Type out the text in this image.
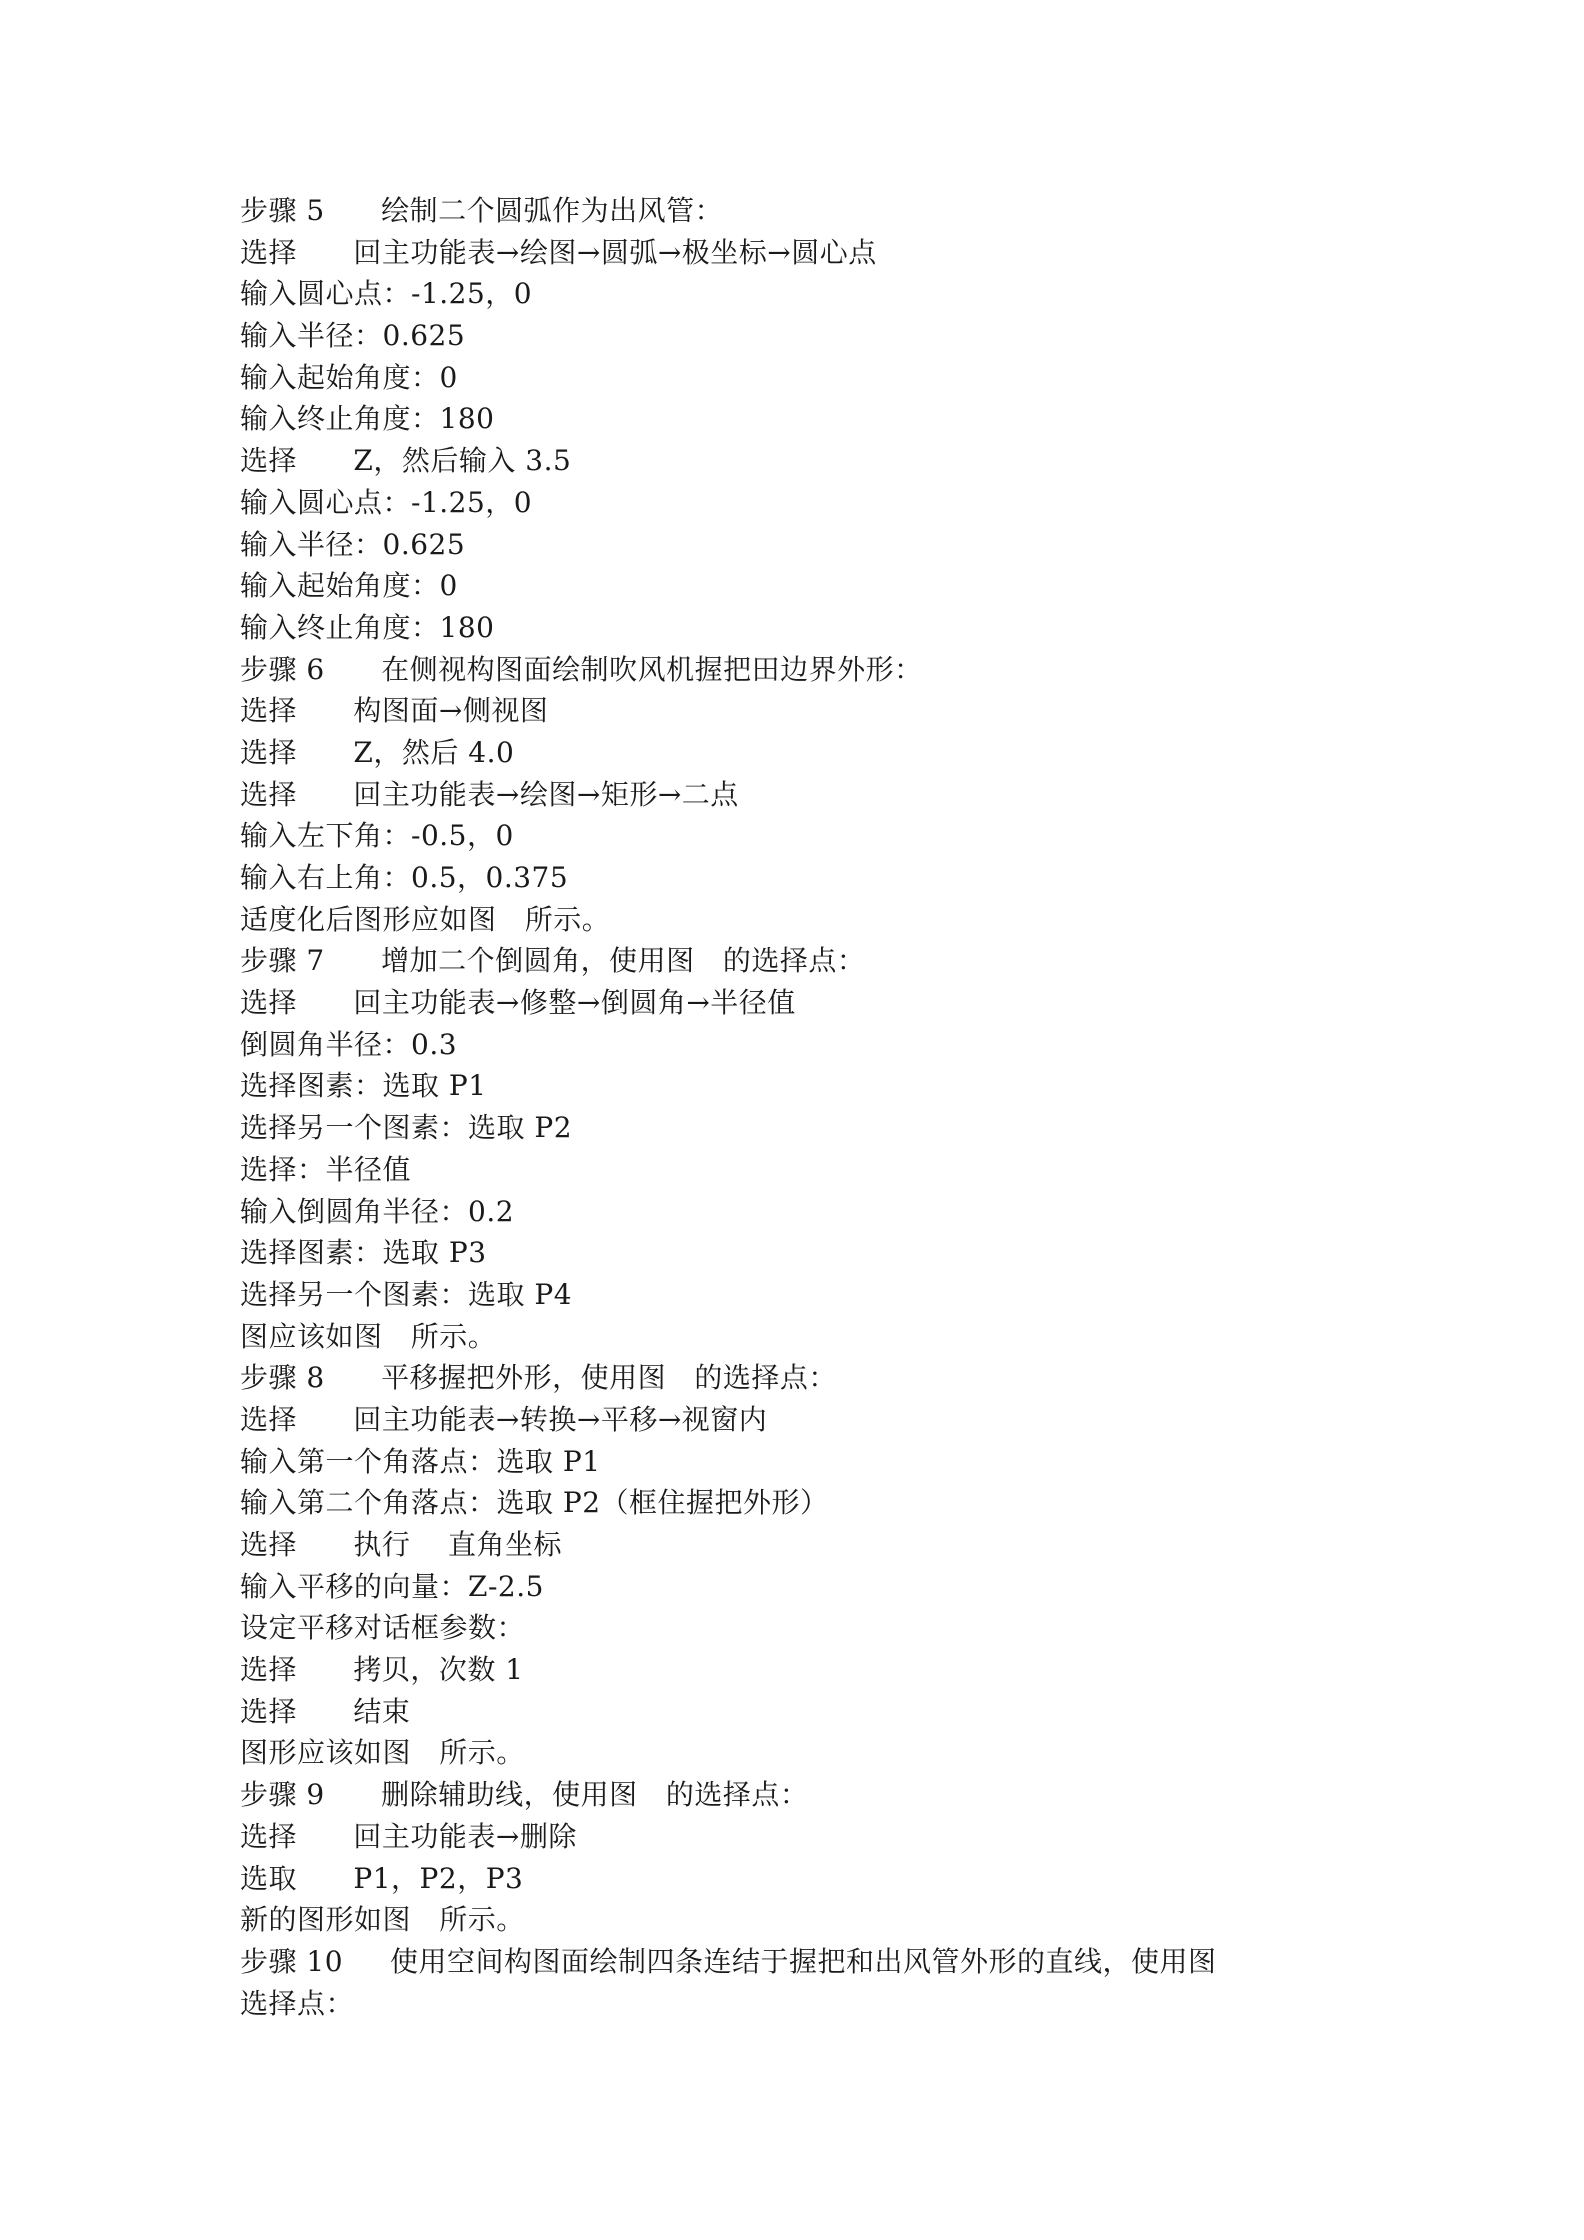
步骤 5      绘制二个圆弧作为出风管：
选择      回主功能表→绘图→圆弧→极坐标→圆心点
输入圆心点：-1.25，0
输入半径：0.625
输入起始角度：0
输入终止角度：180
选择      Z，然后输入 3.5
输入圆心点：-1.25，0
输入半径：0.625
输入起始角度：0
输入终止角度：180
步骤 6      在侧视构图面绘制吹风机握把田边界外形：
选择      构图面→侧视图
选择      Z，然后 4.0
选择      回主功能表→绘图→矩形→二点
输入左下角：-0.5，0
输入右上角：0.5，0.375
适度化后图形应如图   所示。
步骤 7      增加二个倒圆角，使用图   的选择点：
选择      回主功能表→修整→倒圆角→半径值
倒圆角半径：0.3
选择图素：选取 P1
选择另一个图素：选取 P2
选择：半径值
输入倒圆角半径：0.2
选择图素：选取 P3
选择另一个图素：选取 P4
图应该如图   所示。
步骤 8      平移握把外形，使用图   的选择点：
选择      回主功能表→转换→平移→视窗内
输入第一个角落点：选取 P1
输入第二个角落点：选取 P2（框住握把外形）
选择      执行    直角坐标
输入平移的向量：Z-2.5
设定平移对话框参数：
选择      拷贝，次数 1
选择      结束
图形应该如图   所示。
步骤 9      删除辅助线，使用图   的选择点：
选择      回主功能表→删除
选取      P1，P2，P3
新的图形如图   所示。
步骤 10     使用空间构图面绘制四条连结于握把和出风管外形的直线，使用图
选择点：
